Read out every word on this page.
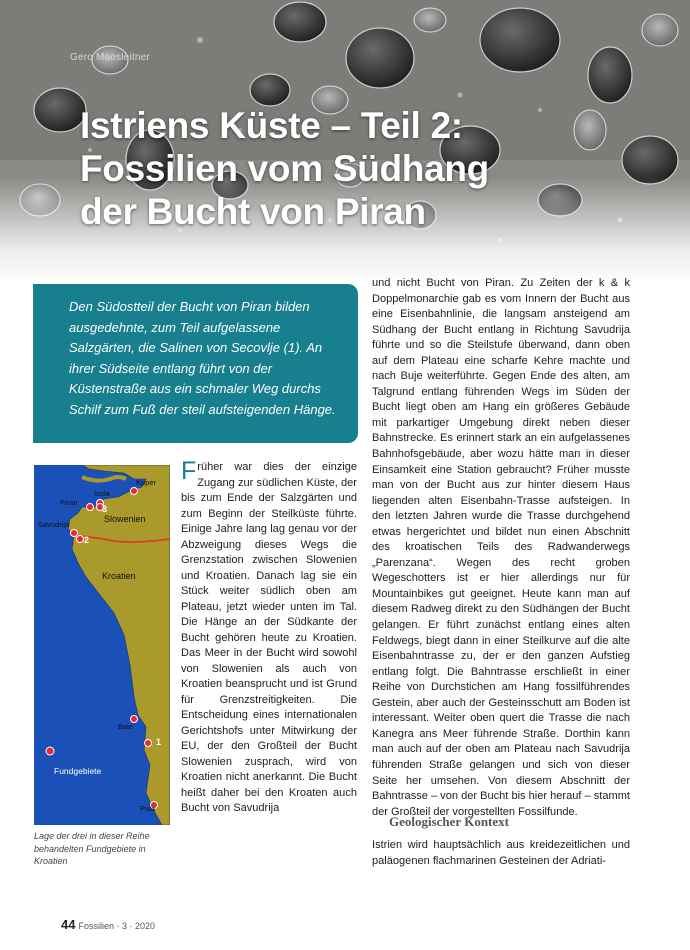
Gero Moosleitner
Istriens Küste – Teil 2:
Fossilien vom Südhang
der Bucht von Piran

Den Südostteil der Bucht von Piran bilden ausgedehnte, zum Teil aufgelassene Salzgärten, die Salinen von Secovlje (1). An ihrer Südseite entlang führt von der Küstenstraße aus ein schmaler Weg durchs Schilf zum Fuß der steil aufsteigenden Hänge.

Koper
Isola
Piran
Savudrija
Bale
Pula
Slowenien
Kroatien
3
2
1
Fundgebiete
Lage der drei in dieser Reihe behandelten Fundgebiete in Kroatien

Früher war dies der einzige Zugang zur südlichen Küste, der bis zum Ende der Salzgärten und zum Beginn der Steilküste führte. Einige Jahre lang lag genau vor der Abzweigung dieses Wegs die Grenzstation zwischen Slowenien und Kroatien. Danach lag sie ein Stück weiter südlich oben am Plateau, jetzt wieder unten im Tal. Die Hänge an der Südkante der Bucht gehören heute zu Kroatien. Das Meer in der Bucht wird sowohl von Slowenien als auch von Kroatien beansprucht und ist Grund für Grenzstreitigkeiten. Die Entscheidung eines internationalen Gerichtshofs unter Mitwirkung der EU, der den Großteil der Bucht Slowenien zusprach, wird von Kroatien nicht anerkannt. Die Bucht heißt daher bei den Kroaten auch Bucht von Savudrija

und nicht Bucht von Piran. Zu Zeiten der k & k Doppelmonarchie gab es vom Innern der Bucht aus eine Eisenbahnlinie, die langsam ansteigend am Südhang der Bucht entlang in Richtung Savudrija führte und so die Steilstufe überwand, dann oben auf dem Plateau eine scharfe Kehre machte und nach Buje weiterführte. Gegen Ende des alten, am Talgrund entlang führenden Wegs im Süden der Bucht liegt oben am Hang ein größeres Gebäude mit parkartiger Umgebung direkt neben dieser Bahnstrecke. Es erinnert stark an ein aufgelassenes Bahnhofsgebäude, aber wozu hätte man in dieser Einsamkeit eine Station gebraucht? Früher musste man von der Bucht aus zur hinter diesem Haus liegenden alten Eisenbahn-Trasse aufsteigen. In den letzten Jahren wurde die Trasse durchgehend etwas hergerichtet und bildet nun einen Abschnitt des kroatischen Teils des Radwanderwegs „Parenzana“. Wegen des recht groben Wegeschotters ist er hier allerdings nur für Mountainbikes gut geeignet. Heute kann man auf diesem Radweg direkt zu den Südhängen der Bucht gelangen. Er führt zunächst entlang eines alten Feldwegs, biegt dann in einer Steilkurve auf die alte Eisenbahntrasse zu, der er den ganzen Aufstieg entlang folgt. Die Bahntrasse erschließt in einer Reihe von Durchstichen am Hang fossilführendes Gestein, aber auch der Gesteinsschutt am Boden ist interessant. Weiter oben quert die Trasse die nach Kanegra ans Meer führende Straße. Dorthin kann man auch auf der oben am Plateau nach Savudrija führenden Straße gelangen und sich von dieser Seite her umsehen. Von diesem Abschnitt der Bahntrasse – von der Bucht bis hier herauf – stammt der Großteil der vorgestellten Fossilfunde.

Geologischer Kontext

Istrien wird hauptsächlich aus kreidezeitlichen und paläogenen flachmarinen Gesteinen der Adriati-

44 Fossilien · 3 · 2020
